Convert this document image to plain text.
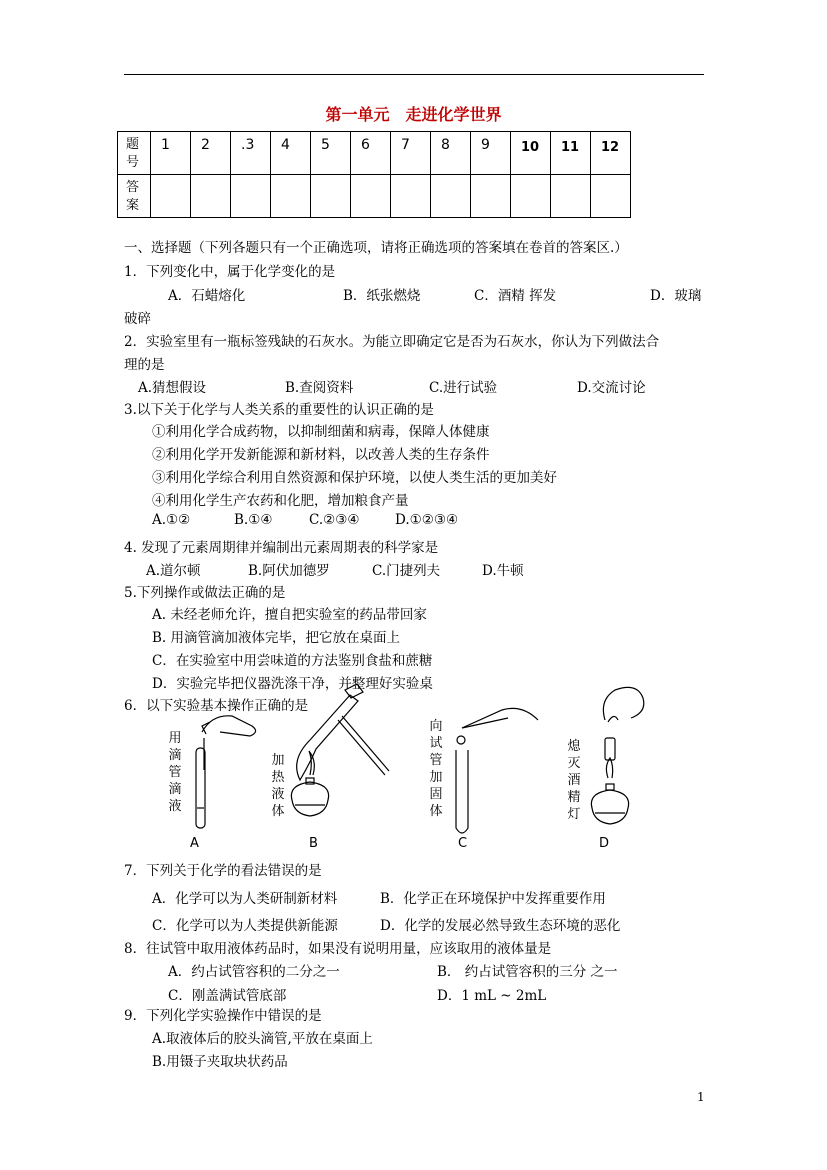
第一单元　走进化学世界
题号	1	2	.3	4	5	6	7	8	9	10	11	12
答案												
一、选择题（下列各题只有一个正确选项，请将正确选项的答案填在卷首的答案区.）
1．下列变化中，属于化学变化的是
A．石蜡熔化	B．纸张燃烧	C．酒精 挥发	D．玻璃
破碎
2．实验室里有一瓶标签残缺的石灰水。为能立即确定它是否为石灰水，你认为下列做法合
理的是
A.猜想假设	B.查阅资料	C.进行试验	D.交流讨论
3.以下关于化学与人类关系的重要性的认识正确的是
①利用化学合成药物，以抑制细菌和病毒，保障人体健康
②利用化学开发新能源和新材料，以改善人类的生存条件
③利用化学综合利用自然资源和保护环境，以使人类生活的更加美好
④利用化学生产农药和化肥，增加粮食产量
A.①②	B.①④	C.②③④	D.①②③④
4. 发现了元素周期律并编制出元素周期表的科学家是
A.道尔顿	B.阿伏加德罗	C.门捷列夫	D.牛顿
5.下列操作或做法正确的是
A. 未经老师允许，擅自把实验室的药品带回家
B. 用滴管滴加液体完毕，把它放在桌面上
C．在实验室中用尝味道的方法鉴别食盐和蔗糖
D．实验完毕把仪器洗涤干净，并整理好实验桌
6．以下实验基本操作正确的是
用滴管滴液
加热液体
向试管加固体
熄灭酒精灯
A	B	C	D
7．下列关于化学的看法错误的是
A．化学可以为人类研制新材料	B．化学正在环境保护中发挥重要作用
C．化学可以为人类提供新能源	D．化学的发展必然导致生态环境的恶化
8．往试管中取用液体药品时，如果没有说明用量，应该取用的液体量是
A．约占试管容积的二分之一	B． 约占试管容积的三分 之一
C．刚盖满试管底部	D．1 mL ~ 2mL
9．下列化学实验操作中错误的是
A.取液体后的胶头滴管,平放在桌面上
B.用镊子夹取块状药品
1
